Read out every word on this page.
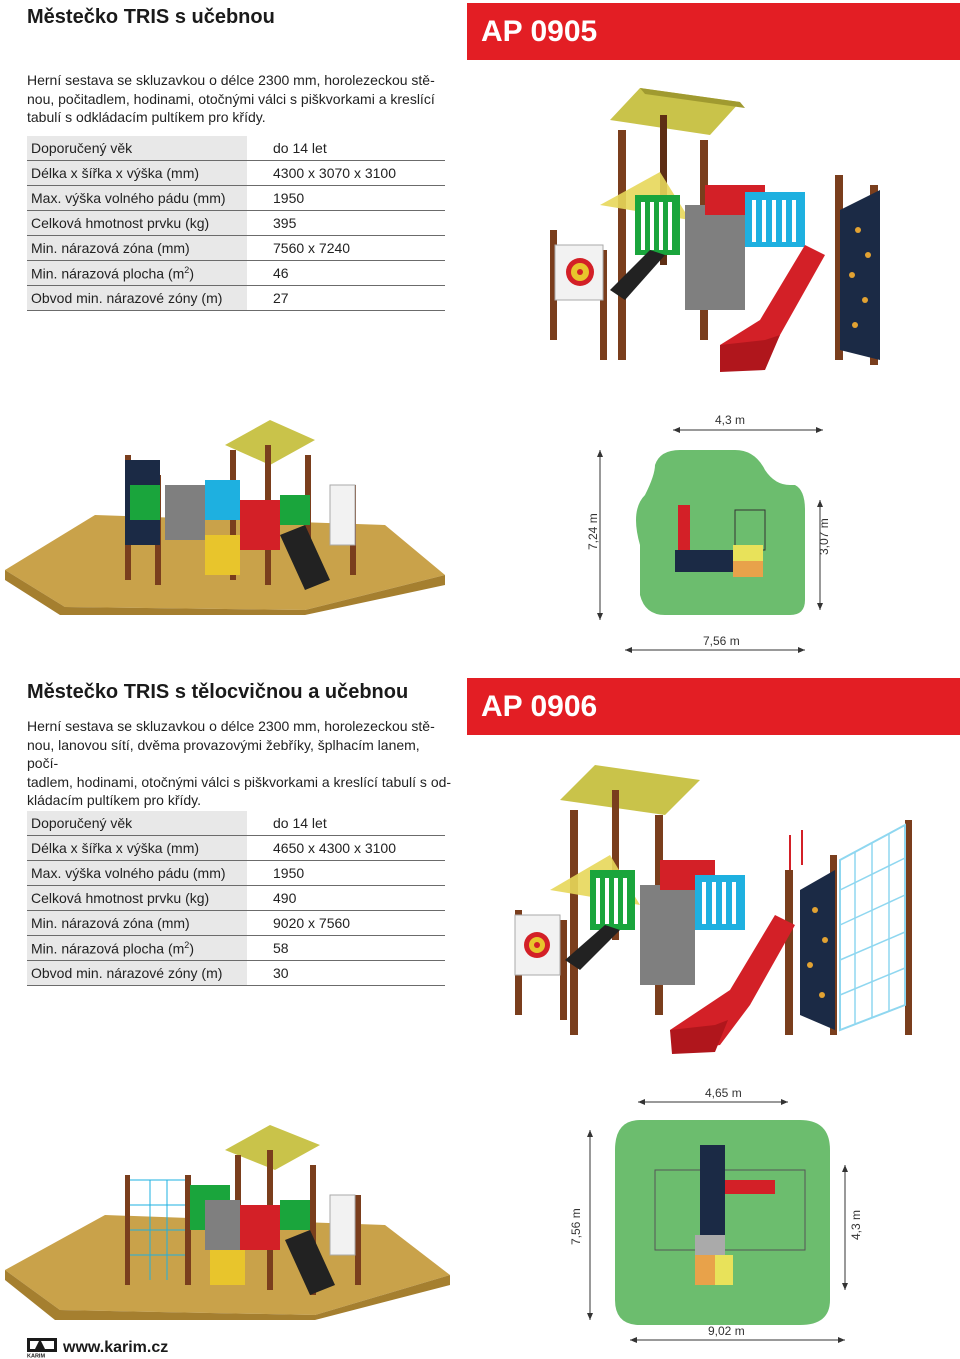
Městečko TRIS s učebnou	AP 0905
Herní sestava se skluzavkou o délce 2300 mm, horolezeckou stě-
nou, počitadlem, hodinami, otočnými válci s piškvorkami a kreslící
tabulí s odkládacím pultíkem pro křídy.
Doporučený věk	do 14 let
Délka x šířka x výška (mm)	4300 x 3070 x 3100
Max. výška volného pádu (mm)	1950
Celková hmotnost prvku (kg)	395
Min. nárazová zóna (mm)	7560 x 7240
Min. nárazová plocha $(m^2)$	46
Obvod min. nárazové zóny (m)	27
4,3 m
7,24 m	3,07 m
7,56 m
Městečko TRIS s tělocvičnou a učebnou	AP 0906
Herní sestava se skluzavkou o délce 2300 mm, horolezeckou stě-
nou, lanovou sítí, dvěma provazovými žebříky, šplhacím lanem, počí-
tadlem, hodinami, otočnými válci s piškvorkami a kreslící tabulí s od-
kládacím pultíkem pro křídy.
Doporučený věk	do 14 let
Délka x šířka x výška (mm)	4650 x 4300 x 3100
Max. výška volného pádu (mm)	1950
Celková hmotnost prvku (kg)	490
Min. nárazová zóna (mm)	9020 x 7560
Min. nárazová plocha $(m^2)$	58
Obvod min. nárazové zóny (m)	30
4,65 m
7,56 m	4,3 m
9,02 m
KARIM
www.karim.cz
